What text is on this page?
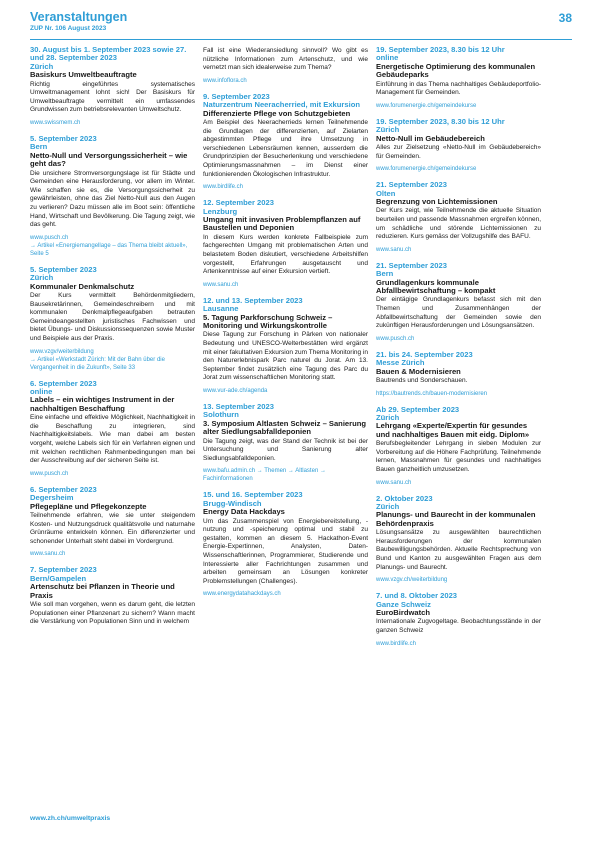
Veranstaltungen
ZUP Nr. 106 August 2023
38
30. August bis 1. September 2023 sowie 27. und 28. September 2023
Zürich
Basiskurs Umweltbeauftragte
Richtig eingeführtes systematisches Umweltmanagement lohnt sich! Der Basiskurs für Umweltbeauftragte vermittelt ein umfassendes Grundwissen zum betriebsrelevanten Umweltschutz.
www.swissmem.ch
5. September 2023
Bern
Netto-Null und Versorgungssicherheit – wie geht das?
Die unsichere Stromversorgungslage ist für Städte und Gemeinden eine Herausforderung, vor allem im Winter. Wie schaffen sie es, die Versorgungssicherheit zu gewährleisten, ohne das Ziel Netto-Null aus den Augen zu verlieren? Dazu müssen alle im Boot sein: öffentliche Hand, Wirtschaft und Bevölkerung. Die Tagung zeigt, wie das geht.
www.pusch.ch
→ Artikel «Energiemangellage – das Thema bleibt aktuell», Seite 5
5. September 2023
Zürich
Kommunaler Denkmalschutz
Der Kurs vermittelt Behördenmitgliedern, Bausekretärinnen, Gemeindeschreibern und mit kommunalen Denkmalpflegeaufgaben betrauten Gemeindeangestellten juristisches Fachwissen und bietet Übungs- und Diskussionssequenzen sowie Muster und Beispiele aus der Praxis.
www.vzgv/weiterbildung
→ Artikel «Werkstadt Zürich: Mit der Bahn über die Vergangenheit in die Zukunft», Seite 33
6. September 2023
online
Labels – ein wichtiges Instrument in der nachhaltigen Beschaffung
Eine einfache und effektive Möglichkeit, Nachhaltigkeit in die Beschaffung zu integrieren, sind Nachhaltigkeitslabels. Wie man dabei am besten vorgeht, welche Labels sich für ein Verfahren eignen und mit welchen rechtlichen Rahmenbedingungen man bei der Ausschreibung auf der sicheren Seite ist.
www.pusch.ch
6. September 2023
Degersheim
Pflegepläne und Pflegekonzepte
Teilnehmende erfahren, wie sie unter steigendem Kosten- und Nutzungsdruck qualitätsvolle und naturnahe Grünräume entwickeln können. Ein differenzierter und schonender Unterhalt steht dabei im Vordergrund.
www.sanu.ch
7. September 2023
Bern/Gampelen
Artenschutz bei Pflanzen in Theorie und Praxis
Wie soll man vorgehen, wenn es darum geht, die letzten Populationen einer Pflanzenart zu sichern? Wann macht die Verstärkung von Populationen Sinn und in welchem
Fall ist eine Wiederansiedlung sinnvoll? Wo gibt es nützliche Informationen zum Artenschutz, und wie vernetzt man sich idealerweise zum Thema?
www.infoflora.ch
9. September 2023
Naturzentrum Neeracherried, mit Exkursion
Differenzierte Pflege von Schutzgebieten
Am Beispiel des Neeracherrieds lernen Teilnehmende die Grundlagen der differenzierten, auf Zielarten abgestimmten Pflege und ihre Umsetzung in verschiedenen Lebensräumen kennen, ausserdem die Grundprinzipien der Besucherlenkung und verschiedene Optimierungsmassnahmen – im Dienst einer funktionierenden Ökologischen Infrastruktur.
www.birdlife.ch
12. September 2023
Lenzburg
Umgang mit invasiven Problempflanzen auf Baustellen und Deponien
In diesem Kurs werden konkrete Fallbeispiele zum fachgerechten Umgang mit problematischen Arten und belastetem Boden diskutiert, verschiedene Arbeitshilfen vorgestellt, Erfahrungen ausgetauscht und Artenkenntnisse auf einer Exkursion vertieft.
www.sanu.ch
12. und 13. September 2023
Lausanne
5. Tagung Parkforschung Schweiz – Monitoring und Wirkungskontrolle
Diese Tagung zur Forschung in Pärken von nationaler Bedeutung und UNESCO-Welterbestätten wird ergänzt mit einer fakultativen Exkursion zum Thema Monitoring in den Naturerlebnispark Parc naturel du Jorat. Am 13. September findet zusätzlich eine Tagung des Parc du Jorat zum wissenschaftlichen Monitoring statt.
www.vur-ade.ch/agenda
13. September 2023
Solothurn
3. Symposium Altlasten Schweiz – Sanierung alter Siedlungsabfalldeponien
Die Tagung zeigt, was der Stand der Technik ist bei der Untersuchung und Sanierung alter Siedlungsabfalldeponien.
www.bafu.admin.ch → Themen → Altlasten → Fachinformationen
15. und 16. September 2023
Brugg-Windisch
Energy Data Hackdays
Um das Zusammenspiel von Energiebereitstellung, -nutzung und -speicherung optimal und stabil zu gestalten, kommen an diesem 5. Hackathon-Event Energie-Expertinnen, Analysten, Daten-Wissenschaftlerinnen, Programmierer, Studierende und Interessierte aller Fachrichtungen zusammen und arbeiten gemeinsam an Lösungen konkreter Problemstellungen (Challenges).
www.energydatahackdays.ch
19. September 2023, 8.30 bis 12 Uhr
online
Energetische Optimierung des kommunalen Gebäudeparks
Einführung in das Thema nachhaltiges Gebäudeportfolio-Management für Gemeinden.
www.forumenergie.ch/gemeindekurse
19. September 2023, 8.30 bis 12 Uhr
Zürich
Netto-Null im Gebäudebereich
Alles zur Zielsetzung «Netto-Null im Gebäudebereich» für Gemeinden.
www.forumenergie.ch/gemeindekurse
21. September 2023
Olten
Begrenzung von Lichtemissionen
Der Kurs zeigt, wie Teilnehmende die aktuelle Situation beurteilen und passende Massnahmen ergreifen können, um schädliche und störende Lichtemissionen zu reduzieren. Kurs gemäss der Vollzugshilfe des BAFU.
www.sanu.ch
21. September 2023
Bern
Grundlagenkurs kommunale Abfallbewirtschaftung – kompakt
Der eintägige Grundlagenkurs befasst sich mit den Themen und Zusammenhängen der Abfallbewirtschaftung der Gemeinden sowie den zukünftigen Herausforderungen und Lösungsansätzen.
www.pusch.ch
21. bis 24. September 2023
Messe Zürich
Bauen & Modernisieren
Bautrends und Sonderschauen.
https://bautrends.ch/bauen-modernisieren
Ab 29. September 2023
Zürich
Lehrgang «Experte/Expertin für gesundes und nachhaltiges Bauen mit eidg. Diplom»
Berufsbegleitender Lehrgang in sieben Modulen zur Vorbereitung auf die Höhere Fachprüfung. Teilnehmende lernen, Massnahmen für gesundes und nachhaltiges Bauen ganzheitlich umzusetzen.
www.sanu.ch
2. Oktober 2023
Zürich
Planungs- und Baurecht in der kommunalen Behördenpraxis
Lösungsansätze zu ausgewählten baurechtlichen Herausforderungen der kommunalen Baubewilligungsbehörden. Aktuelle Rechtsprechung von Bund und Kanton zu ausgewählten Fragen aus dem Planungs- und Baurecht.
www.vzgv.ch/weiterbildung
7. und 8. Oktober 2023
Ganze Schweiz
EuroBirdwatch
Internationale Zugvogeltage. Beobachtungsstände in der ganzen Schweiz
www.birdlife.ch
www.zh.ch/umweltpraxis
